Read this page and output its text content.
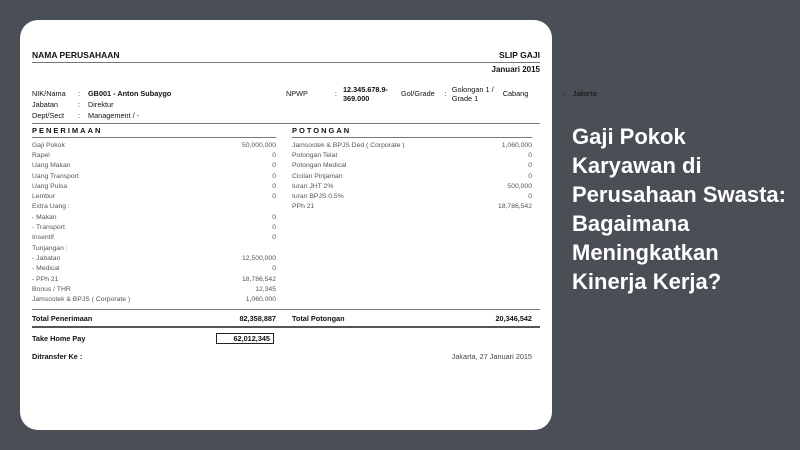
NAMA PERUSAHAAN	SLIP GAJI
Januari 2015
NIK/Nama	:	GB001 - Anton Subaygo
Jabatan	:	Direktur
Dept/Sect	:	Management / -
NPWP	: 12.345.678.9-369.000	Gol/Grade	: Golongan 1 / Grade 1	Cabang	:	Jakarta
PENERIMAAN
Gaji Pokok	50,000,000
Rapel	0
Uang Makan	0
Uang Transport	0
Uang Pulsa	0
Lembur	0
Extra Uang :
- Makan	0
- Transport	0
Insentif	0
Tunjangan :
- Jabatan	12,500,000
- Medical	0
- PPh 21	18,786,542
Bonus / THR	12,345
Jamsostek & BPJS ( Corporate )	1,060,000
POTONGAN
Jamsostek & BPJS Ded ( Corporate )	1,060,000
Potongan Telat	0
Potongan Medical	0
Cicilan Pinjaman	0
Iuran JHT 2%	500,000
Iuran BPJS 0.5%	0
PPh 21	18,786,542
Total Penerimaan	82,358,887 Total Potongan	20,346,542
Take Home Pay	62,012,345
Ditransfer Ke :	Jakarta, 27 Januari 2015
Gaji Pokok Karyawan di Perusahaan Swasta: Bagaimana Meningkatkan Kinerja Kerja?
